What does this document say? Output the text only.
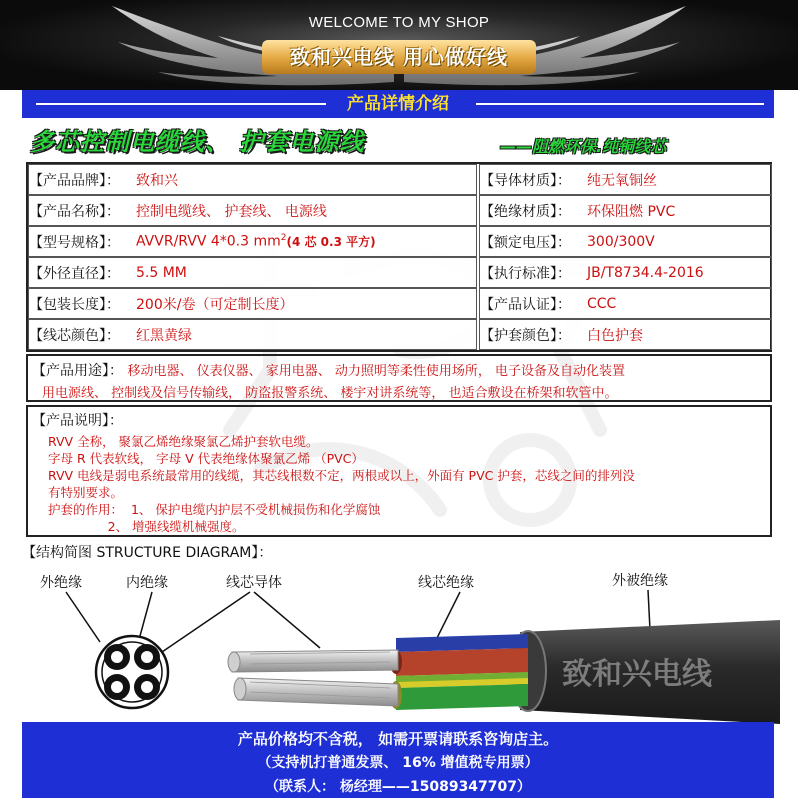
WELCOME TO MY SHOP
致和兴电线 用心做好线
产品详情介绍
多芯控制电缆线、 护套电源线	——阻燃环保.纯铜线芯
【产品品牌】： 致和兴	【导体材质】： 纯无氧铜丝
【产品名称】： 控制电缆线、 护套线、 电源线	【绝缘材质】： 环保阻燃 PVC
【型号规格】： AVVR/RVV 4*0.3 $mm^2$ (4 芯 0.3 平方)	【额定电压】： 300/300V
【外径直径】： 5.5 MM	【执行标准】： JB/T8734.4-2016
【包装长度】： 200米/卷（可定制长度）	【产品认证】： CCC
【线芯颜色】： 红黑黄绿	【护套颜色】： 白色护套
【产品用途】： 移动电器、 仪表仪器、 家用电器、 动力照明等柔性使用场所， 电子设备及自动化装置
用电源线、 控制线及信号传输线， 防盗报警系统、 楼宇对讲系统等， 也适合敷设在桥架和软管中。
【产品说明】：
RVV 全称， 聚氯乙烯绝缘聚氯乙烯护套软电缆。
字母 R 代表软线， 字母 V 代表绝缘体聚氯乙烯 （PVC）
RVV 电线是弱电系统最常用的线缆，其芯线根数不定，两根或以上，外面有 PVC 护套，芯线之间的排列没
有特别要求。
护套的作用：  1、 保护电缆内护层不受机械损伤和化学腐蚀
2、 增强线缆机械强度。
【结构简图 STRUCTURE DIAGRAM】：
外绝缘	内绝缘	线芯导体	线芯绝缘	外被绝缘
致和兴电线
产品价格均不含税， 如需开票请联系咨询店主。
（支持机打普通发票、 16% 增值税专用票）
（联系人： 杨经理——15089347707）
